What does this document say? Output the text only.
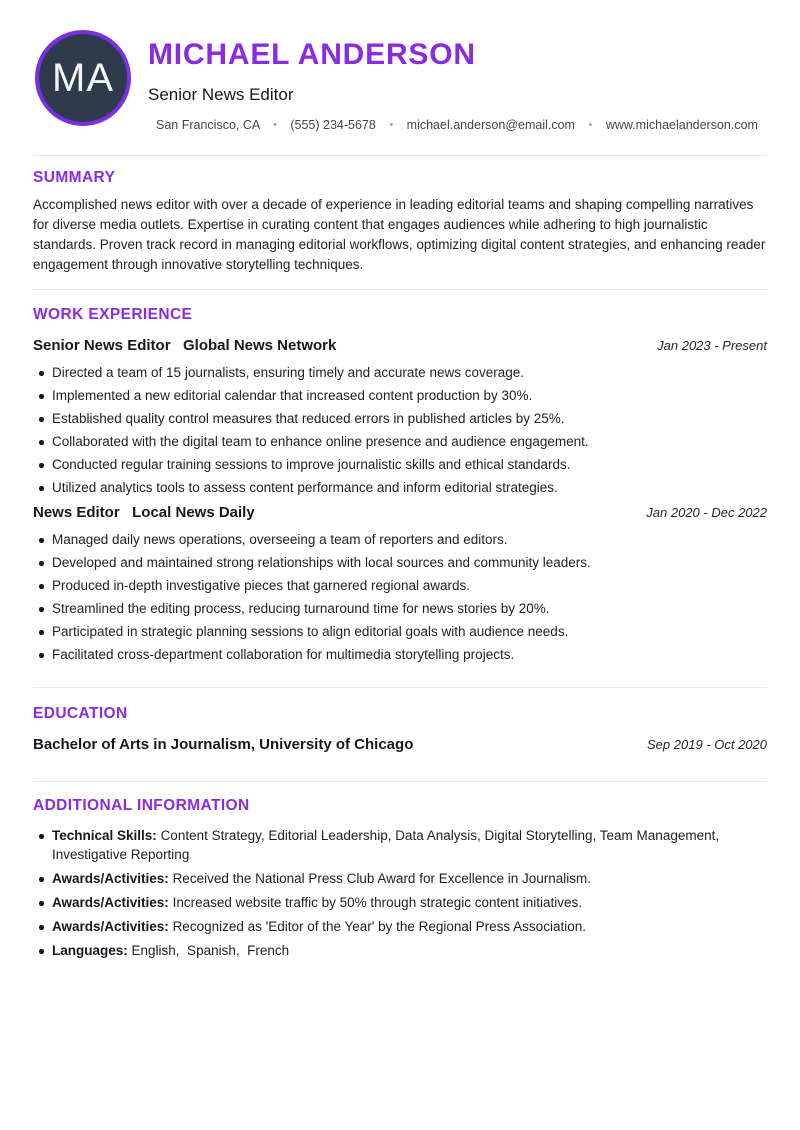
MA
MICHAEL ANDERSON
Senior News Editor
San Francisco, CA • (555) 234-5678 • michael.anderson@email.com • www.michaelanderson.com
SUMMARY

Accomplished news editor with over a decade of experience in leading editorial teams and shaping compelling narratives for diverse media outlets. Expertise in curating content that engages audiences while adhering to high journalistic standards. Proven track record in managing editorial workflows, optimizing digital content strategies, and enhancing reader engagement through innovative storytelling techniques.

WORK EXPERIENCE
Senior News Editor Global News Network	Jan 2023 - Present
Directed a team of 15 journalists, ensuring timely and accurate news coverage.
Implemented a new editorial calendar that increased content production by 30%.
Established quality control measures that reduced errors in published articles by 25%.
Collaborated with the digital team to enhance online presence and audience engagement.
Conducted regular training sessions to improve journalistic skills and ethical standards.
Utilized analytics tools to assess content performance and inform editorial strategies.
News Editor Local News Daily	Jan 2020 - Dec 2022
Managed daily news operations, overseeing a team of reporters and editors.
Developed and maintained strong relationships with local sources and community leaders.
Produced in-depth investigative pieces that garnered regional awards.
Streamlined the editing process, reducing turnaround time for news stories by 20%.
Participated in strategic planning sessions to align editorial goals with audience needs.
Facilitated cross-department collaboration for multimedia storytelling projects.
EDUCATION
Bachelor of Arts in Journalism, University of Chicago	Sep 2019 - Oct 2020
ADDITIONAL INFORMATION
Technical Skills: Content Strategy, Editorial Leadership, Data Analysis, Digital Storytelling, Team Management, Investigative Reporting
Awards/Activities: Received the National Press Club Award for Excellence in Journalism.
Awards/Activities: Increased website traffic by 50% through strategic content initiatives.
Awards/Activities: Recognized as 'Editor of the Year' by the Regional Press Association.
Languages: English,  Spanish,  French
